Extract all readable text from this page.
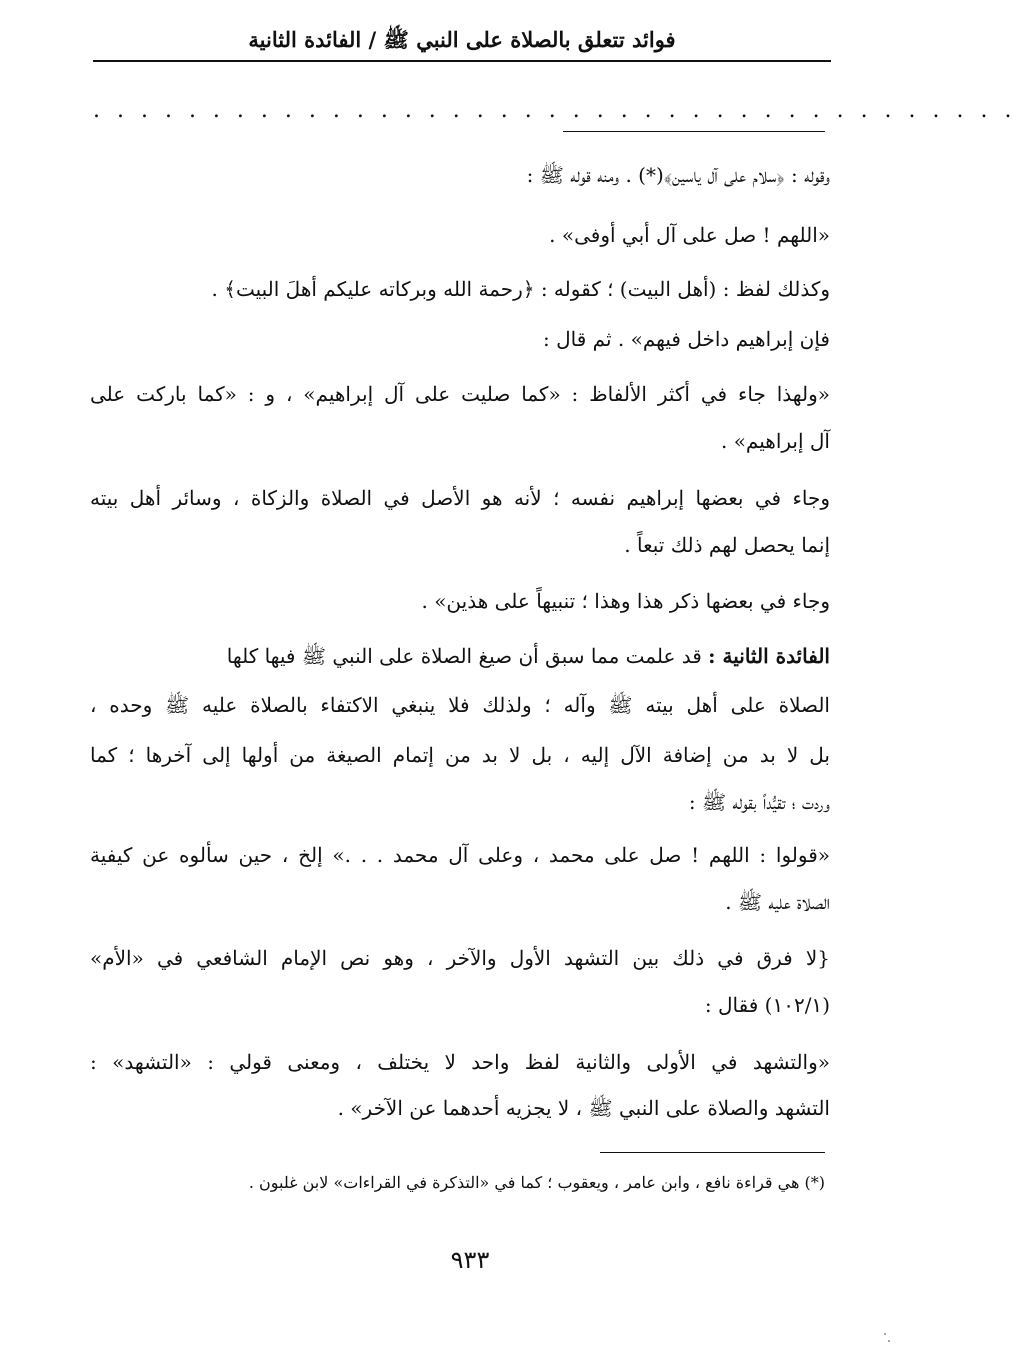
فوائد تتعلق بالصلاة على النبي ﷺ / الفائدة الثانية
. . . . . . . . . . . . . . . . . . . . . . . . . . . . . . . . . . . . . . .
وقوله : ﴿سلام على آل ياسين﴾(*) . ومنه قوله ﷺ :
«اللهم ! صل على آل أبي أوفى» .
وكذلك لفظ : (أهل البيت) ؛ كقوله : ﴿رحمة الله وبركاته عليكم أهلَ البيت﴾ .
فإن إبراهيم داخل فيهم» . ثم قال :
«ولهذا جاء في أكثر الألفاظ : «كما صليت على آل إبراهيم» ، و : «كما باركت على
آل إبراهيم» .
وجاء في بعضها إبراهيم نفسه ؛ لأنه هو الأصل في الصلاة والزكاة ، وسائر أهل بيته
إنما يحصل لهم ذلك تبعاً .
وجاء في بعضها ذكر هذا وهذا ؛ تنبيهاً على هذين» .
الفائدة الثانية : قد علمت مما سبق أن صيغ الصلاة على النبي ﷺ فيها كلها
الصلاة على أهل بيته ﷺ وآله ؛ ولذلك فلا ينبغي الاكتفاء بالصلاة عليه ﷺ وحده ،
بل لا بد من إضافة الآل إليه ، بل لا بد من إتمام الصيغة من أولها إلى آخرها ؛ كما
وردت ؛ تقيُّداً بقوله ﷺ :
«قولوا : اللهم ! صل على محمد ، وعلى آل محمد . . .» إلخ ، حين سألوه عن كيفية
الصلاة عليه ﷺ .
{لا فرق في ذلك بين التشهد الأول والآخر ، وهو نص الإمام الشافعي في «الأم»
(١٠٢/١) فقال :
«والتشهد في الأولى والثانية لفظ واحد لا يختلف ، ومعنى قولي : «التشهد» :
التشهد والصلاة على النبي ﷺ ، لا يجزيه أحدهما عن الآخر» .
(*) هي قراءة نافع ، وابن عامر ، ويعقوب ؛ كما في «التذكرة في القراءات» لابن غلبون .
٩٣٣
